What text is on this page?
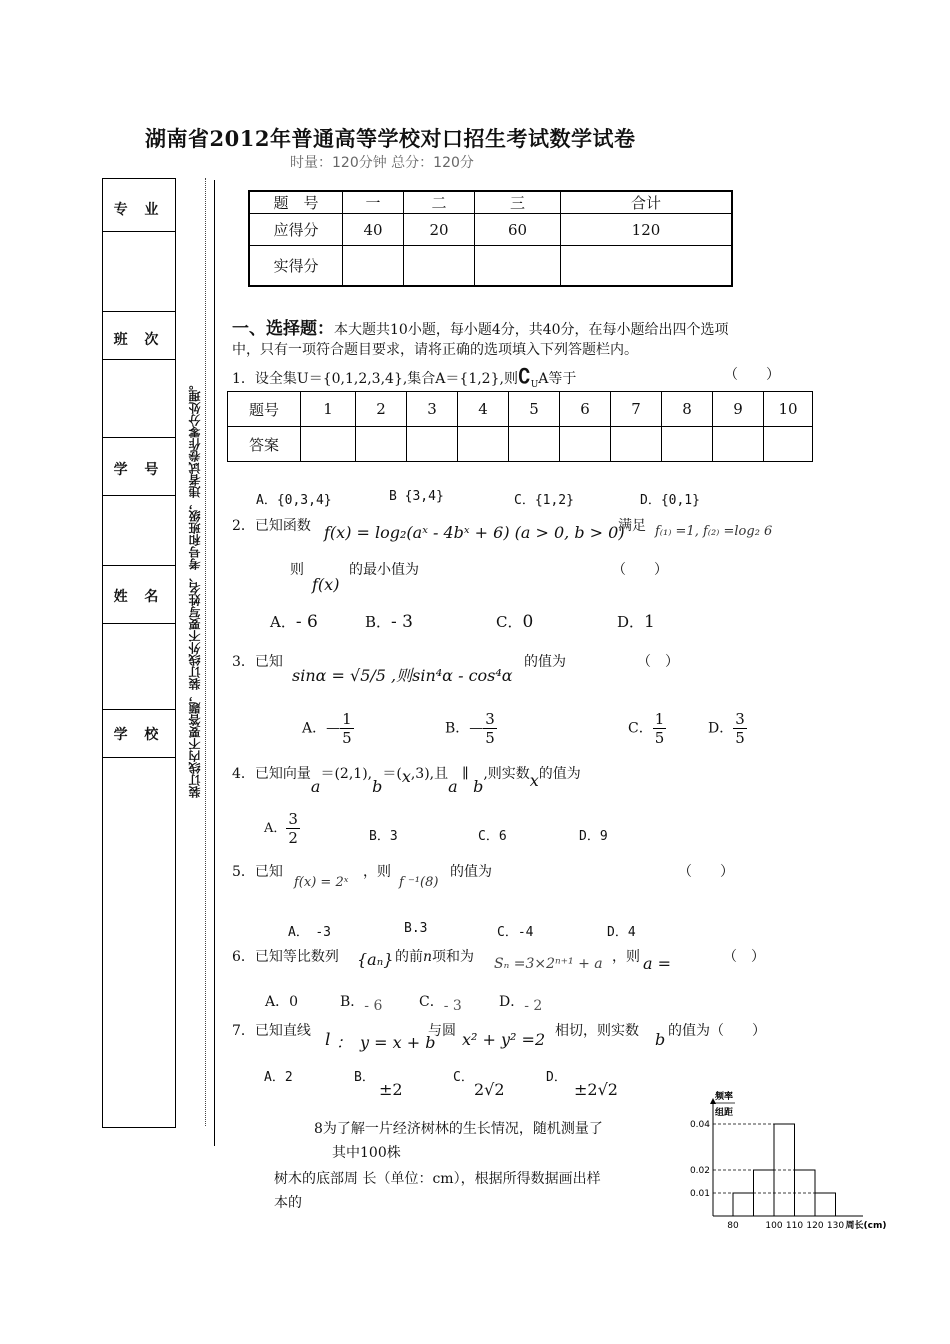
湖南省2012年普通高等学校对口招生考试数学试卷
时量：120分钟 总分：120分
专 业
班 次
学 号
姓 名
学 校	装订线内不要答题，装订线外不要写姓名、考号和班级，违者试卷作零分处理。
题　号	一	二	三	合计
应得分	40	20	60	120
实得分				
一、选择题：本大题共10小题，每小题4分，共40分，在每小题给出四个选项
中，只有一项符合题目要求，请将正确的选项填入下列答题栏内。
1．设全集U＝{0,1,2,3,4},集合A＝{1,2},则$∁_UA$等于	（　　）
题号	1	2	3	4	5	6	7	8	9	10
答案										
A．{0,3,4}	B {3,4}	C．{1,2}	D．{0,1}
2．已知函数 f(x) = log₂(aˣ - 4bˣ + 6) (a > 0, b > 0)
满足 f₍₁₎ =1, f₍₂₎ =log₂ 6
则
f(x)
的最小值为	（　　）
A．- 6	B．- 3	C．0	D．1
3．已知
sinα = √5/5 ,则sin⁴α - cos⁴α
的值为	（　）
A．— $\frac{1}{5}$	B．— $\frac{3}{5}$	C． $\frac{1}{5}$	D． $\frac{3}{5}$
4．已知向量a＝(2,1),b＝(x,3),且a ∥ b,则实数x的值为
A． $\frac{3}{2}$	B．3	C．6	D．9
5．已知
f(x) = 2ˣ
，则
f ⁻¹(8)
的值为	（　　）
A．　-3	B.3	C．-4	D．4
6．已知等比数列 {aₙ} 的前n项和为 Sₙ =3×2ⁿ⁺¹ + a ，则 a =	（　）
A．0	B．- 6	C．- 3	D．- 2
7．已知直线 l ：　y = x + b
与圆 x² + y² =2 相切，则实数 b 的值为（　　）
A．2	B．
±2
C．
2√2
D．
±2√2
8为了解一片经济树林的生长情况，随机测量了
其中100株
树木的底部周 长（单位：cm），根据所得数据画出样
本的
频率
组距
0.04
0.02
0.01
80	100 110 120 130 周长(cm)
